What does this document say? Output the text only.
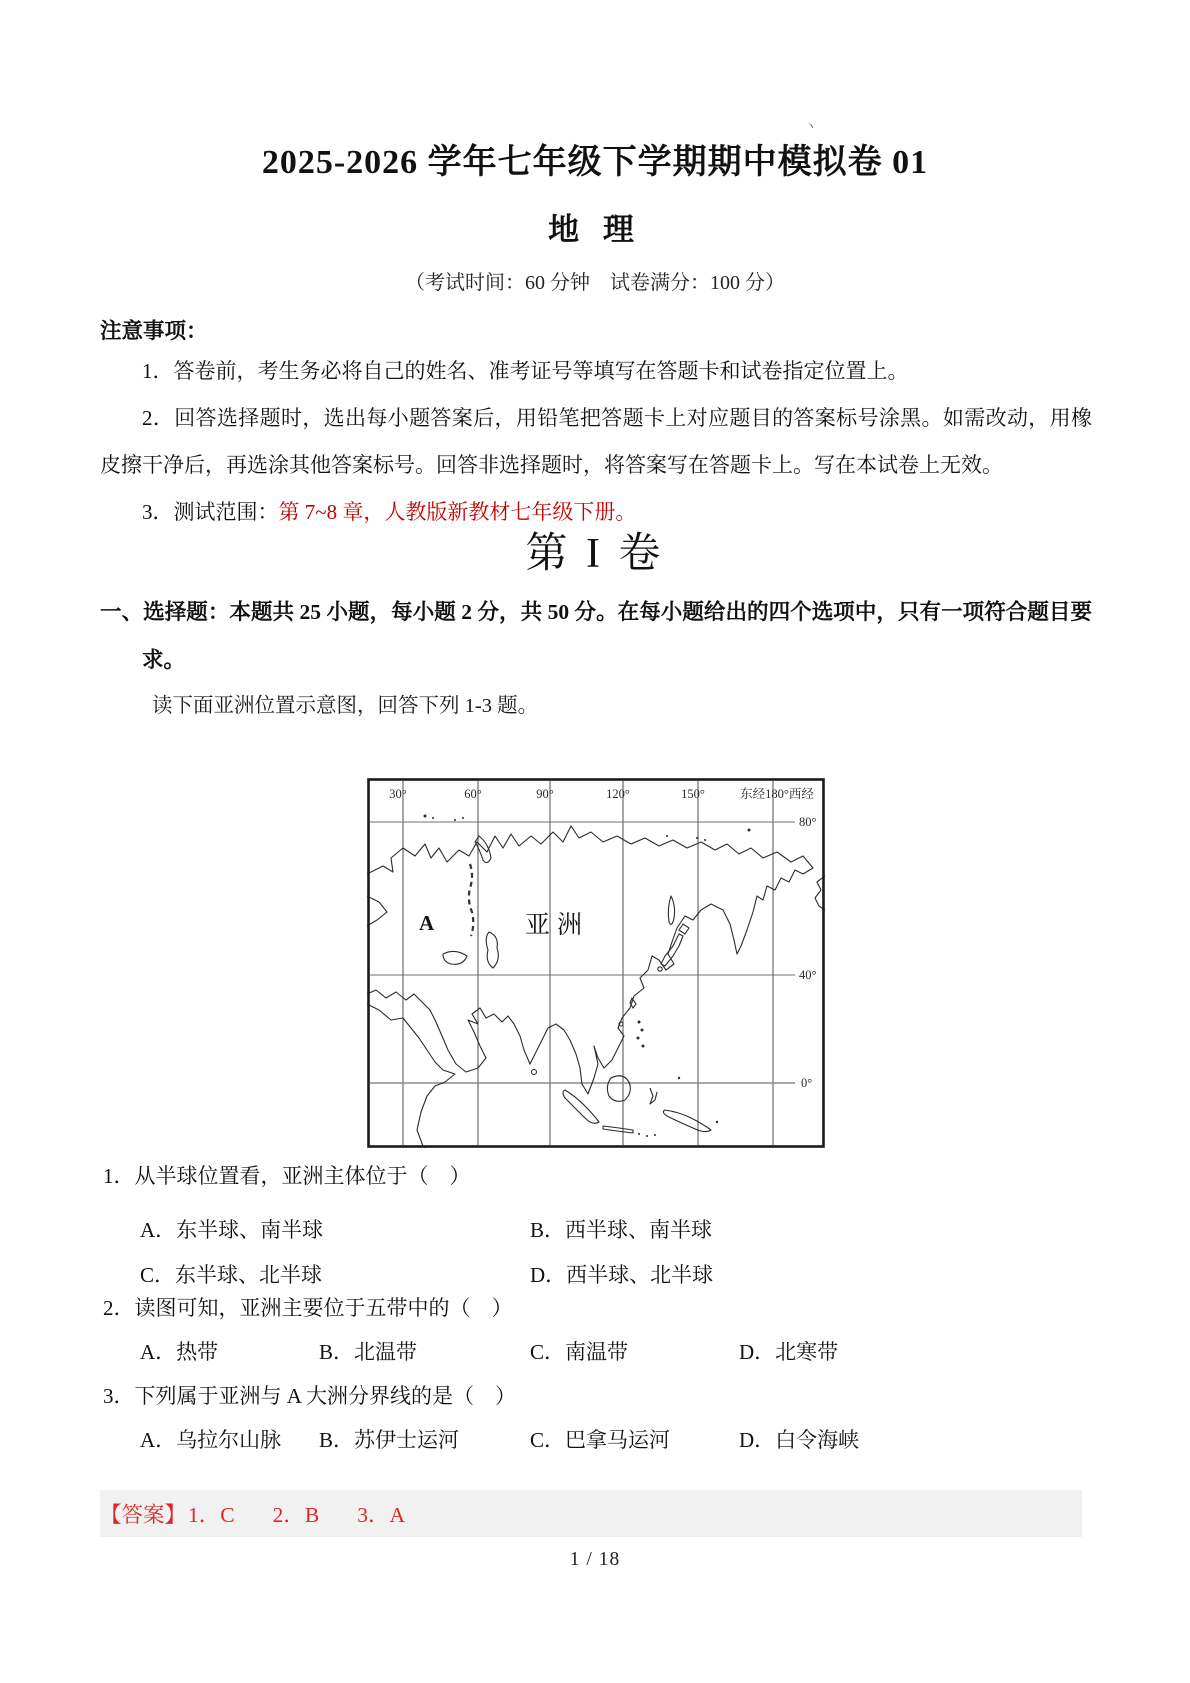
丶
2025-2026 学年七年级下学期期中模拟卷 01
地 理
（考试时间：60 分钟　试卷满分：100 分）
注意事项：
1．答卷前，考生务必将自己的姓名、准考证号等填写在答题卡和试卷指定位置上。
2．回答选择题时，选出每小题答案后，用铅笔把答题卡上对应题目的答案标号涂黑。如需改动，用橡皮擦干净后，再选涂其他答案标号。回答非选择题时，将答案写在答题卡上。写在本试卷上无效。
3．测试范围：第 7~8 章，人教版新教材七年级下册。
第 I 卷
一、选择题：本题共 25 小题，每小题 2 分，共 50 分。在每小题给出的四个选项中，只有一项符合题目要求。
读下面亚洲位置示意图，回答下列 1-3 题。
30°	60°	90°	120°	150°	东经180°西经
80°
40°
0°
A	亚洲
1．从半球位置看，亚洲主体位于（　）
A．东半球、南半球	B．西半球、南半球
C．东半球、北半球	D．西半球、北半球
2．读图可知，亚洲主要位于五带中的（　）
A．热带	B．北温带	C．南温带	D．北寒带
3．下列属于亚洲与 A 大洲分界线的是（　）
A．乌拉尔山脉	B．苏伊士运河	C．巴拿马运河	D．白令海峡
【答案】 1．C 2．B 3．A
1 / 18
